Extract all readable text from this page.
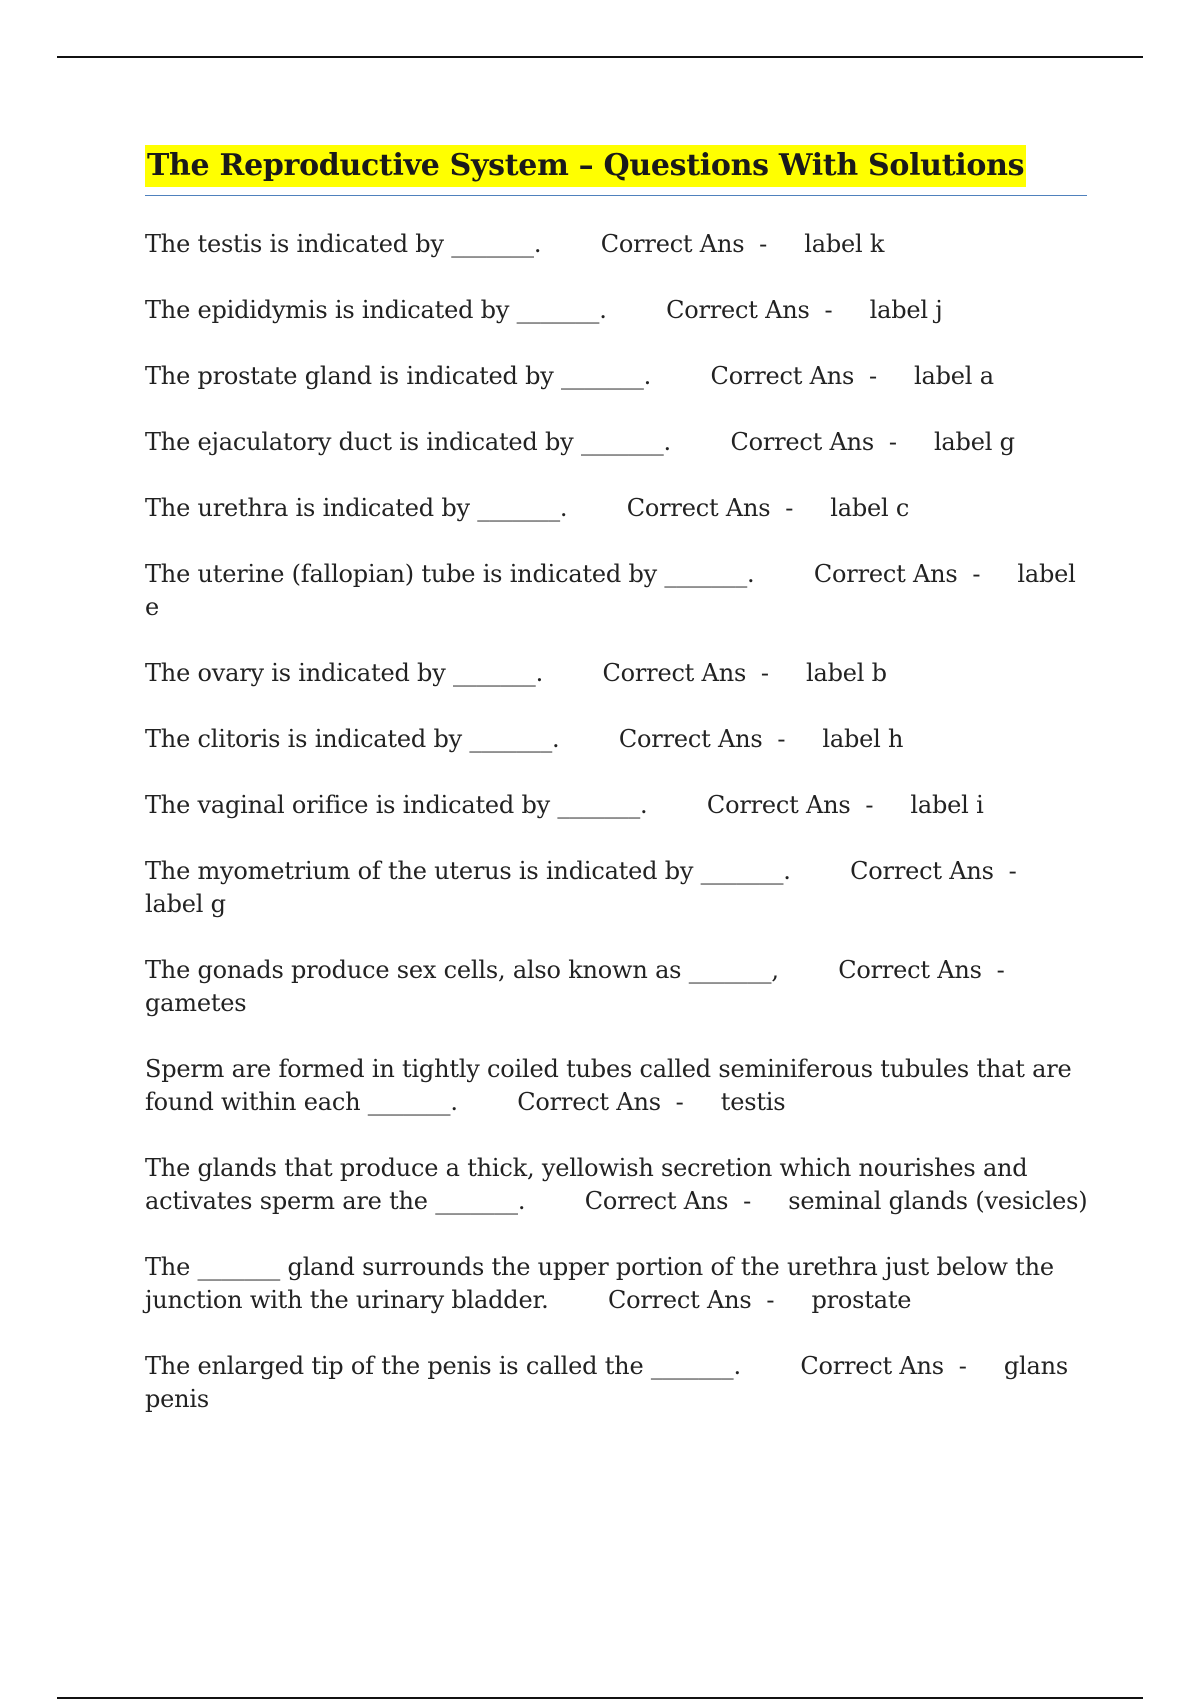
The Reproductive System – Questions With Solutions

The testis is indicated by _______. Correct Ans  - label k

The epididymis is indicated by _______. Correct Ans  - label j

The prostate gland is indicated by _______. Correct Ans  - label a

The ejaculatory duct is indicated by _______. Correct Ans  - label g

The urethra is indicated by _______. Correct Ans  - label c

The uterine (fallopian) tube is indicated by _______. Correct Ans  - label e

The ovary is indicated by _______. Correct Ans  - label b

The clitoris is indicated by _______. Correct Ans  - label h

The vaginal orifice is indicated by _______. Correct Ans  - label i

The myometrium of the uterus is indicated by _______. Correct Ans  -     label g

The gonads produce sex cells, also known as _______, Correct Ans  -     gametes

Sperm are formed in tightly coiled tubes called seminiferous tubules that are found within each _______. Correct Ans  - testis

The glands that produce a thick, yellowish secretion which nourishes and activates sperm are the _______. Correct Ans  - seminal glands (vesicles)

The _______ gland surrounds the upper portion of the urethra just below the junction with the urinary bladder. Correct Ans  - prostate

The enlarged tip of the penis is called the _______. Correct Ans  - glans penis
